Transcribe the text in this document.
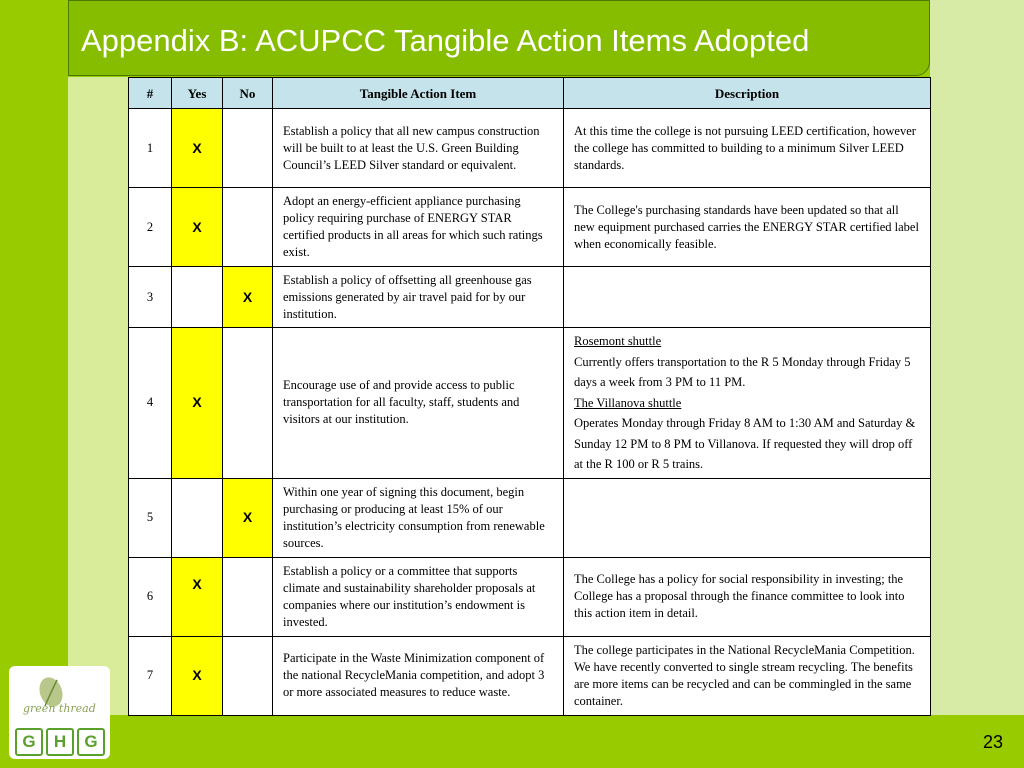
Appendix B: ACUPCC Tangible Action Items Adopted
#	Yes	No	Tangible Action Item	Description
1	X		Establish a policy that all new campus construction will be built to at least the U.S. Green Building Council’s LEED Silver standard or equivalent.	At this time the college is not pursuing LEED certification, however the college has committed to building to a minimum Silver LEED standards.
2	X		Adopt an energy-efficient appliance purchasing policy requiring purchase of ENERGY STAR certified products in all areas for which such ratings exist.	The College's purchasing standards have been updated so that all new equipment purchased carries the ENERGY STAR certified label when economically feasible.
3		X	Establish a policy of offsetting all greenhouse gas emissions generated by air travel paid for by our institution.	
4	X		Encourage use of and provide access to public transportation for all faculty, staff, students and visitors at our institution.	Rosemont shuttle
Currently offers transportation to the R 5 Monday through Friday 5 days a week from 3 PM to 11 PM.
The Villanova shuttle
Operates Monday through Friday 8 AM to 1:30 AM and Saturday & Sunday 12 PM to 8 PM to Villanova. If requested they will drop off at the R 100 or R 5 trains.

5		X	Within one year of signing this document, begin purchasing or producing at least 15% of our institution’s electricity consumption from renewable sources.	
6	X		Establish a policy or a committee that supports climate and sustainability shareholder proposals at companies where our institution’s endowment is invested.	The College has a policy for social responsibility in investing; the College has a proposal through the finance committee to look into this action item in detail.
7	X		Participate in the Waste Minimization component of the national RecycleMania competition, and adopt 3 or more associated measures to reduce waste.	The college participates in the National RecycleMania Competition. We have recently converted to single stream recycling. The benefits are more items can be recycled and can be commingled in the same container.
green thread
G	H	G	23
